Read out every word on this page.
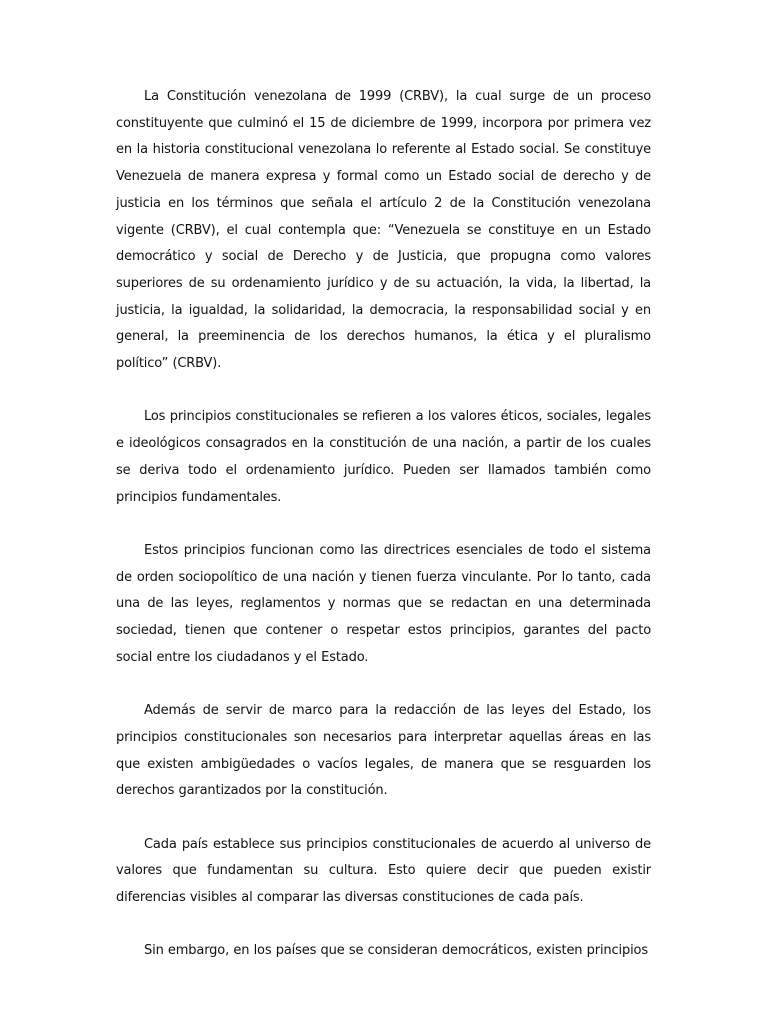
La Constitución venezolana de 1999 (CRBV), la cual surge de un proceso constituyente que culminó el 15 de diciembre de 1999, incorpora por primera vez en la historia constitucional venezolana lo referente al Estado social. Se constituye Venezuela de manera expresa y formal como un Estado social de derecho y de justicia en los términos que señala el artículo 2 de la Constitución venezolana vigente (CRBV), el cual contempla que: “Venezuela se constituye en un Estado democrático y social de Derecho y de Justicia, que propugna como valores superiores de su ordenamiento jurídico y de su actuación, la vida, la libertad, la justicia, la igualdad, la solidaridad, la democracia, la responsabilidad social y en general, la preeminencia de los derechos humanos, la ética y el pluralismo político” (CRBV).

Los principios constitucionales se refieren a los valores éticos, sociales, legales e ideológicos consagrados en la constitución de una nación, a partir de los cuales se deriva todo el ordenamiento jurídico. Pueden ser llamados también como principios fundamentales.

Estos principios funcionan como las directrices esenciales de todo el sistema de orden sociopolítico de una nación y tienen fuerza vinculante. Por lo tanto, cada una de las leyes, reglamentos y normas que se redactan en una determinada sociedad, tienen que contener o respetar estos principios, garantes del pacto social entre los ciudadanos y el Estado.

Además de servir de marco para la redacción de las leyes del Estado, los principios constitucionales son necesarios para interpretar aquellas áreas en las que existen ambigüedades o vacíos legales, de manera que se resguarden los derechos garantizados por la constitución.

Cada país establece sus principios constitucionales de acuerdo al universo de valores que fundamentan su cultura. Esto quiere decir que pueden existir diferencias visibles al comparar las diversas constituciones de cada país.

Sin embargo, en los países que se consideran democráticos, existen principios
